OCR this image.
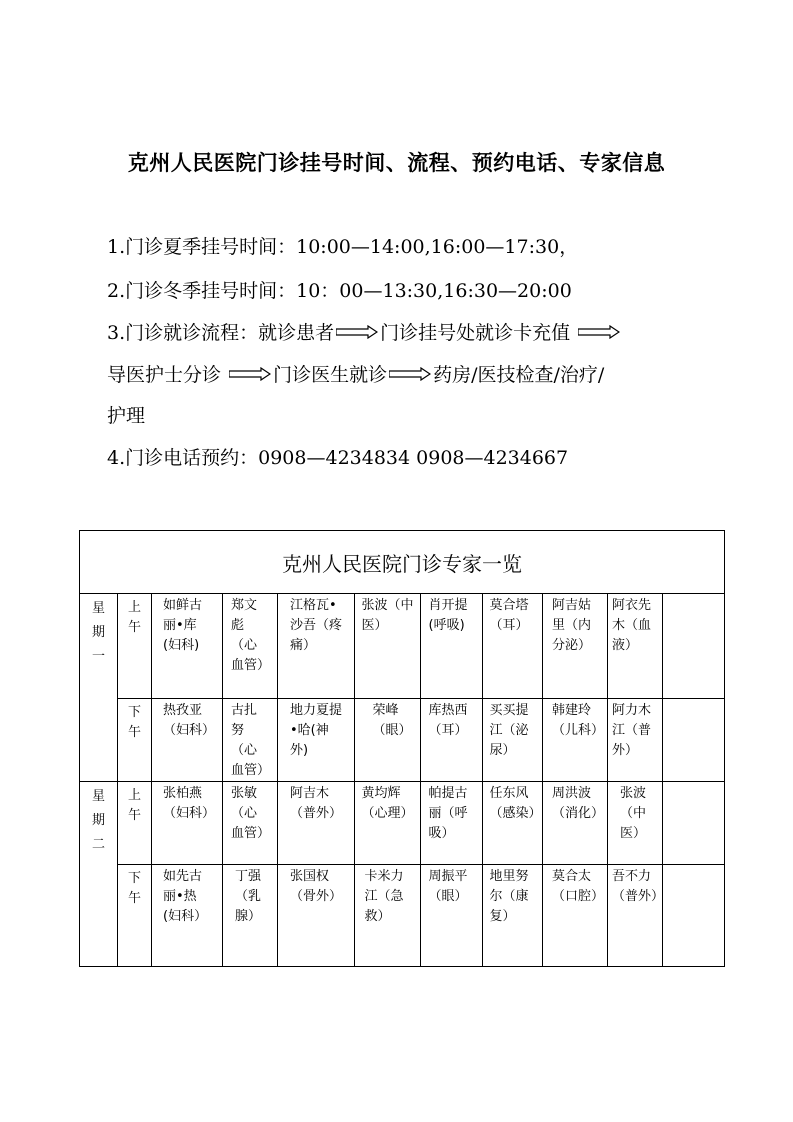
克州人民医院门诊挂号时间、流程、预约电话、专家信息
1.门诊夏季挂号时间：10:00—14:00,16:00—17:30，
2.门诊冬季挂号时间：10：00—13:30,16:30—20:00
3.门诊就诊流程：就诊患者 门诊挂号处就诊卡充值
导医护士分诊	门诊医生就诊 药房/医技检查/治疗/
护理
4.门诊电话预约：0908—4234834 0908—4234667
克州人民医院门诊专家一览										
星期一	上午	如鲜古丽•库(妇科)	郑文彪（心血管）	江格瓦•沙吾（疼痛）	张波（中医）	肖开提(呼吸)	莫合塔（耳）	阿吉姑里（内分泌）	阿衣先木（血液）	
	下午	热孜亚（妇科）	古扎努（心血管）	地力夏提•哈(神外)	荣峰（眼）	库热西（耳）	买买提江（泌尿）	韩建玲（儿科）	阿力木江（普外）	
星期二	上午	张柏燕（妇科）	张敏（心血管）	阿吉木（普外）	黄均辉（心理）	帕提古丽（呼吸）	任东风（感染）	周洪波（消化）	张波（中医）	
	下午	如先古丽•热(妇科）	丁强（乳腺）	张国权（骨外）	卡米力江（急救）	周振平（眼）	地里努尔（康复）	莫合太（口腔）	吾不力（普外）	
